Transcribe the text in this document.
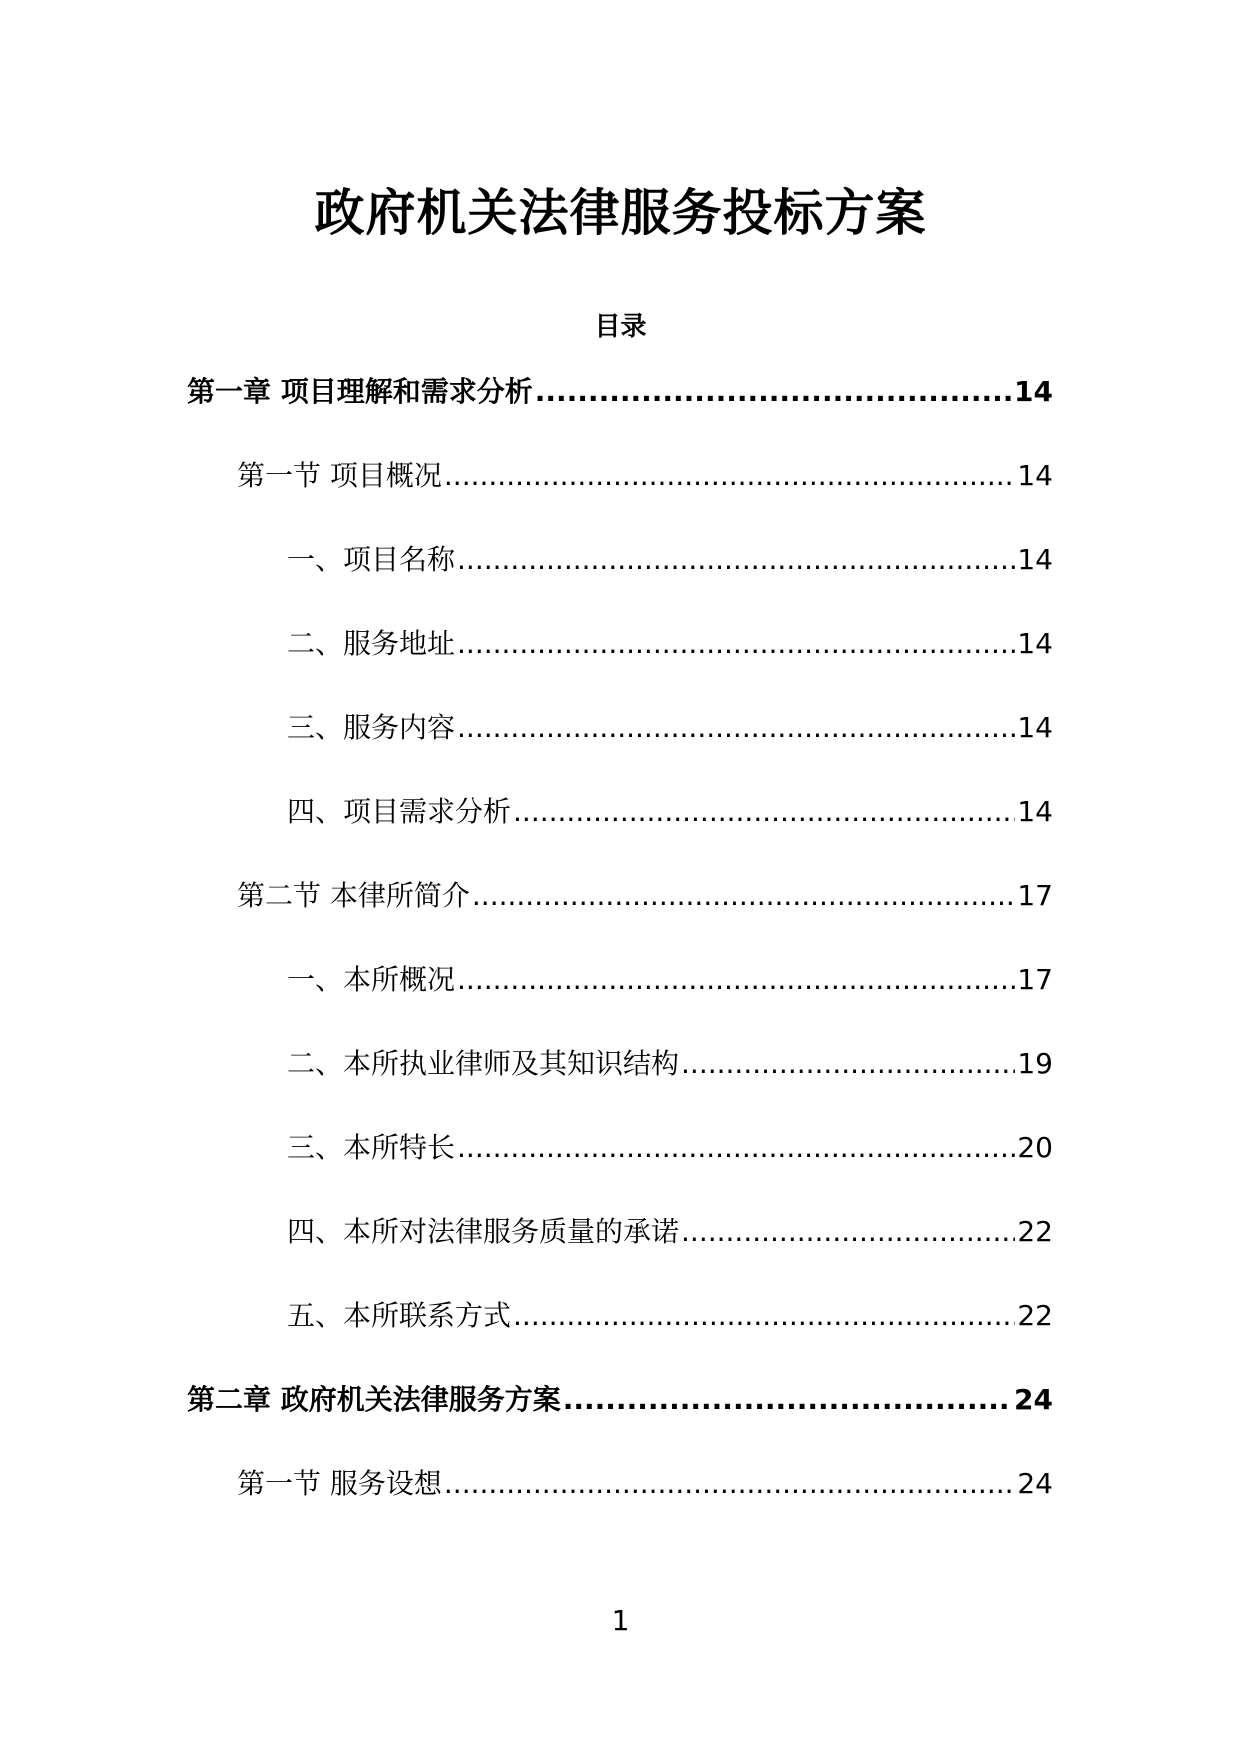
政府机关法律服务投标方案
目录
第一章 项目理解和需求分析 .....	14
第一节 项目概况 .....	14
一、项目名称 .....	14
二、服务地址 .....	14
三、服务内容 .....	14
四、项目需求分析 .....	14
第二节 本律所简介 .....	17
一、本所概况 .....	17
二、本所执业律师及其知识结构 .....	19
三、本所特长 .....	20
四、本所对法律服务质量的承诺 .....	22
五、本所联系方式 .....	22
第二章 政府机关法律服务方案 .....	24
第一节 服务设想 .....	24
1
